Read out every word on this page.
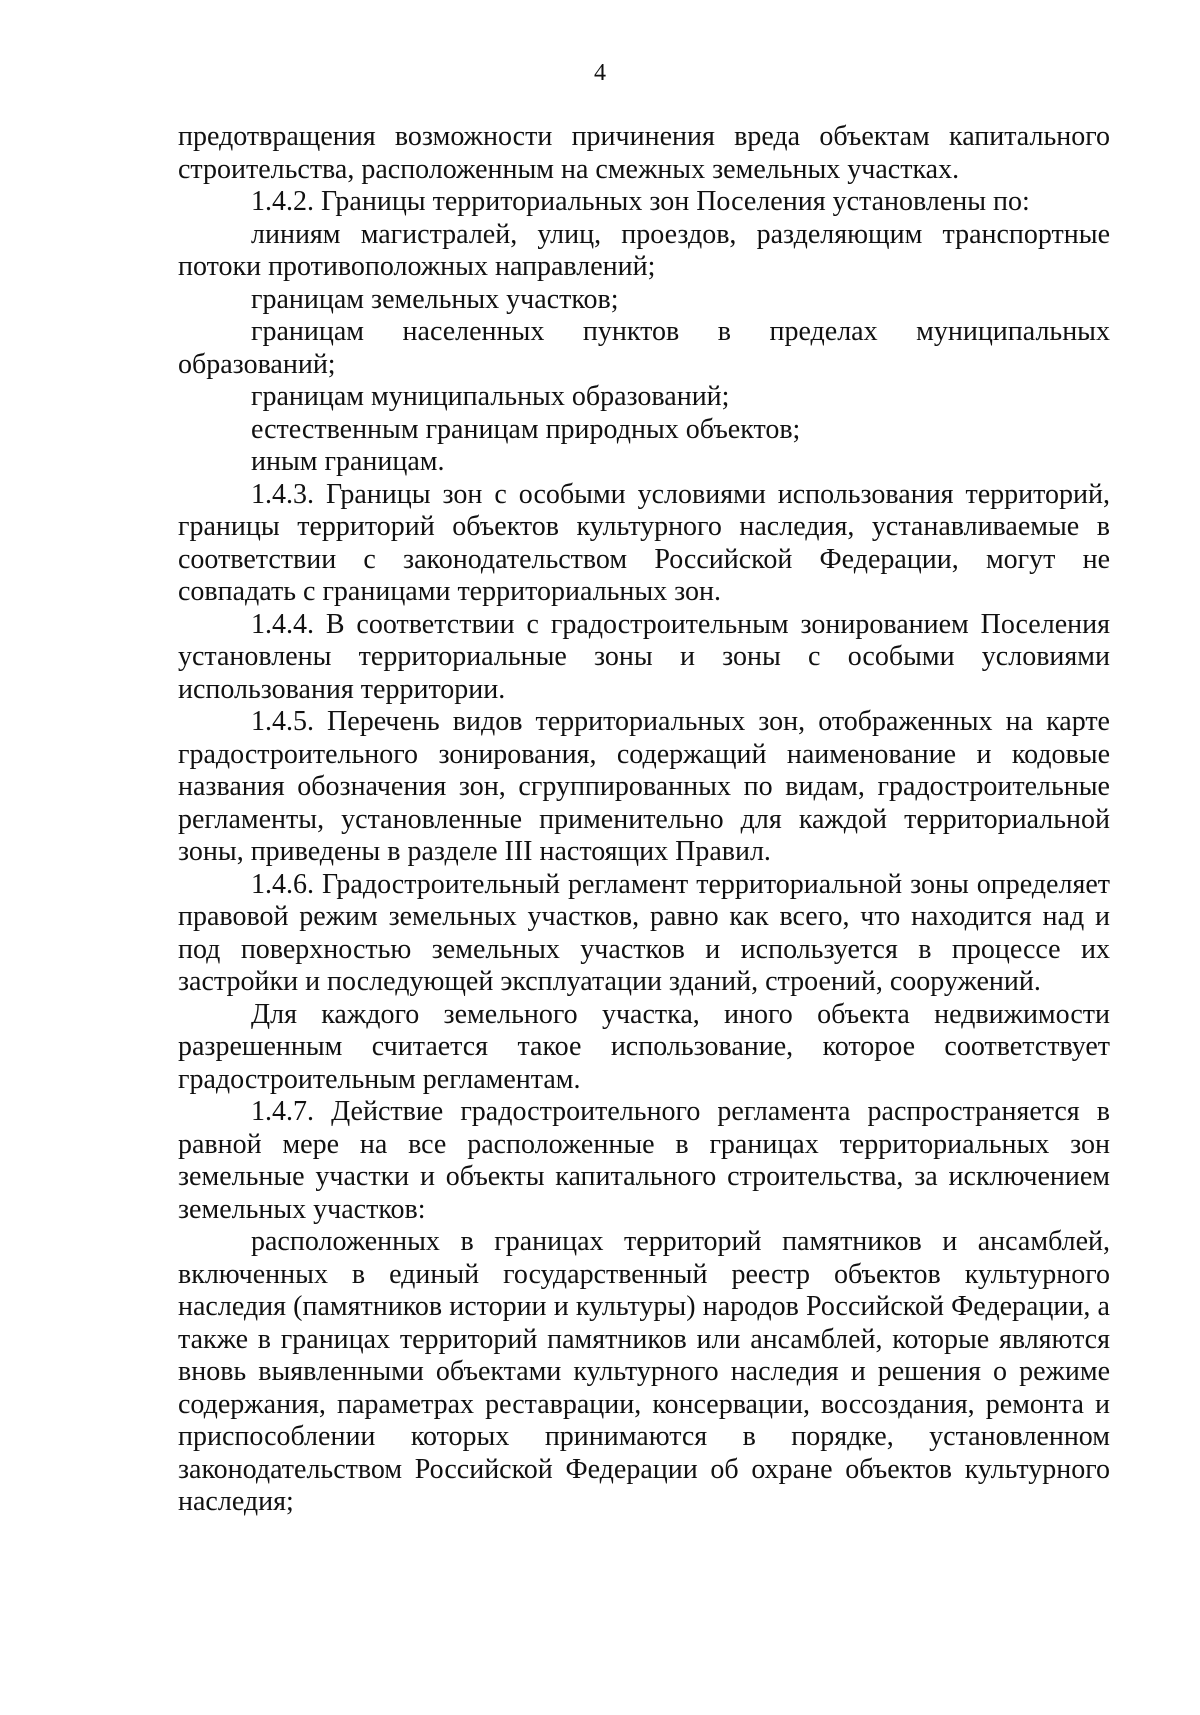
4

предотвращения возможности причинения вреда объектам капитального строительства, расположенным на смежных земельных участках.

1.4.2. Границы территориальных зон Поселения установлены по:

линиям магистралей, улиц, проездов, разделяющим транспортные потоки противоположных направлений;

границам земельных участков;

границам населенных пунктов в пределах муниципальных образований;

границам муниципальных образований;

естественным границам природных объектов;

иным границам.

1.4.3. Границы зон с особыми условиями использования территорий, границы территорий объектов культурного наследия, устанавливаемые в соответствии с законодательством Российской Федерации, могут не совпадать с границами территориальных зон.

1.4.4. В соответствии с градостроительным зонированием Поселения установлены территориальные зоны и зоны с особыми условиями использования территории.

1.4.5. Перечень видов территориальных зон, отображенных на карте градостроительного зонирования, содержащий наименование и кодовые названия обозначения зон, сгруппированных по видам, градостроительные регламенты, установленные применительно для каждой территориальной зоны, приведены в разделе III настоящих Правил.

1.4.6. Градостроительный регламент территориальной зоны определяет правовой режим земельных участков, равно как всего, что находится над и под поверхностью земельных участков и используется в процессе их застройки и последующей эксплуатации зданий, строений, сооружений.

Для каждого земельного участка, иного объекта недвижимости разрешенным считается такое использование, которое соответствует градостроительным регламентам.

1.4.7. Действие градостроительного регламента распространяется в равной мере на все расположенные в границах территориальных зон земельные участки и объекты капитального строительства, за исключением земельных участков:

расположенных в границах территорий памятников и ансамблей, включенных в единый государственный реестр объектов культурного наследия (памятников истории и культуры) народов Российской Федерации, а также в границах территорий памятников или ансамблей, которые являются вновь выявленными объектами культурного наследия и решения о режиме содержания, параметрах реставрации, консервации, воссоздания, ремонта и приспособлении которых принимаются в порядке, установленном законодательством Российской Федерации об охране объектов культурного наследия;
